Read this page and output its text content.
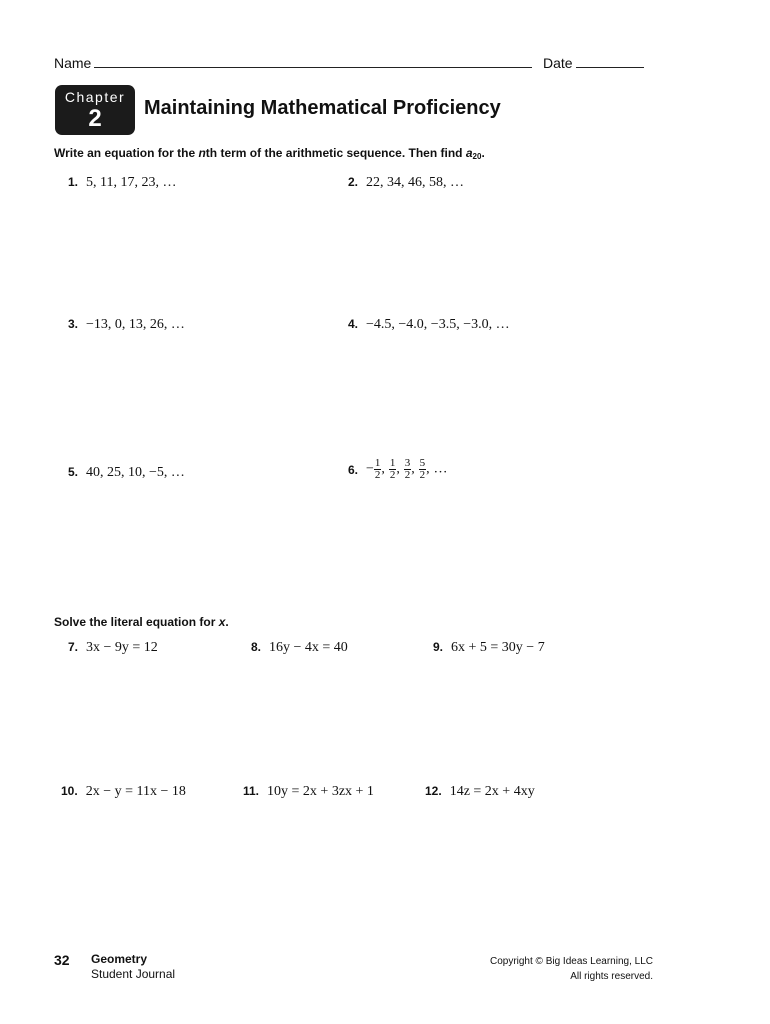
Name	Date
Chapter
2	Maintaining Mathematical Proficiency
Write an equation for the nth term of the arithmetic sequence. Then find $a_{20}$.
1. 5, 11, 17, 23, …	2. 22, 34, 46, 58, …
3. −13, 0, 13, 26, …	4. −4.5, −4.0, −3.5, −3.0, …
5. 40, 25, 10, −5, …	6. − $\frac{1}{2}$ , $\frac{1}{2}$ , $\frac{3}{2}$ , $\frac{5}{2}$ , …
Solve the literal equation for x.
7. 3x − 9y = 12	8. 16y − 4x = 40	9. 6x + 5 = 30y − 7
10. 2x − y = 11x − 18	11. 10y = 2x + 3zx + 1	12. 14z = 2x + 4xy
32 Geometry
Student Journal
Copyright © Big Ideas Learning, LLC
All rights reserved.
